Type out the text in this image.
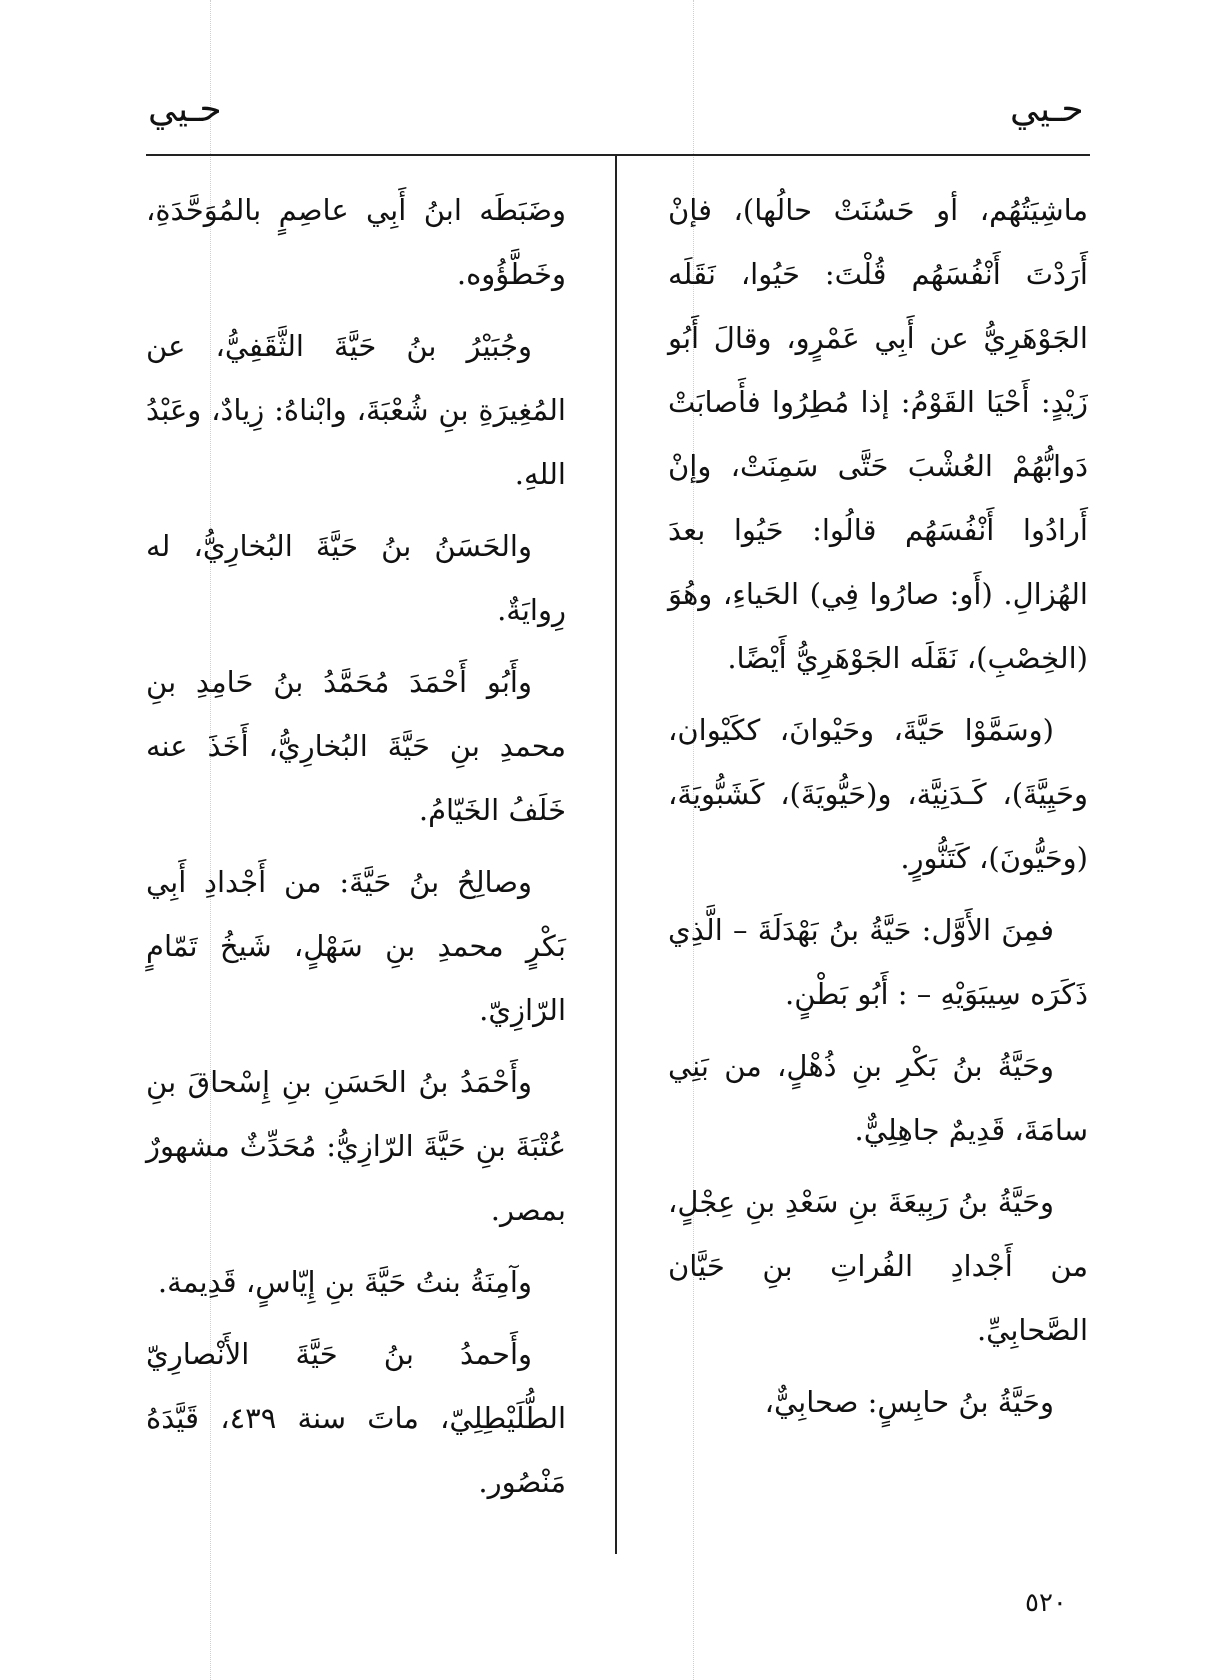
حـيي
حـيي

ماشِيَتُهُم، أو حَسُنَتْ حالُها)، فإنْ أَرَدْتَ أَنْفُسَهُم قُلْتَ: حَيُوا، نَقَلَه الجَوْهَرِيُّ عن أَبِي عَمْرٍو، وقالَ أَبُو زَيْدٍ: أَحْيَا القَوْمُ: إذا مُطِرُوا فأَصابَتْ دَوابُّهُمْ العُشْبَ حَتَّى سَمِنَتْ، وإنْ أَرادُوا أَنْفُسَهُم قالُوا: حَيُوا بعدَ الهُزالِ. (أَو: صارُوا فِي) الحَياءِ، وهُوَ (الخِصْبِ)، نَقَلَه الجَوْهَرِيُّ أَيْضًا.

(وسَمَّوْا حَيَّةَ، وحَيْوانَ، ككَيْوان، وحَيِيَّةَ)، كَـدَنِيَّة، و(حَيُّويَةَ)، كَشَبُّويَةَ، (وحَيُّونَ)، كَتَنُّورٍ.

فمِنَ الأَوَّل: حَيَّةُ بنُ بَهْدَلَةَ – الَّذِي ذَكَرَه سِيبَوَيْهِ – : أَبُو بَطْنٍ.

وحَيَّةُ بنُ بَكْرِ بنِ ذُهْلٍ، من بَنِي سامَةَ، قَدِيمٌ جاهِلِيٌّ.

وحَيَّةُ بنُ رَبِيعَةَ بنِ سَعْدِ بنِ عِجْلٍ، من أَجْدادِ الفُراتِ بنِ حَيَّان الصَّحابِيِّ.

وحَيَّةُ بنُ حابِسٍ: صحابِيٌّ،

وضَبَطَه ابنُ أَبِي عاصِمٍ بالمُوَحَّدَةِ، وخَطَّؤُوه.

وجُبَيْرُ بنُ حَيَّةَ الثَّقَفِيُّ، عن المُغِيرَةِ بنِ شُعْبَةَ، وابْناهُ: زِيادٌ، وعَبْدُ اللهِ.

والحَسَنُ بنُ حَيَّةَ البُخارِيُّ، له رِوايَةٌ.

وأَبُو أَحْمَدَ مُحَمَّدُ بنُ حَامِدِ بنِ محمدِ بنِ حَيَّةَ البُخارِيُّ، أَخَذَ عنه خَلَفُ الخَيّامُ.

وصالِحُ بنُ حَيَّةَ: من أَجْدادِ أَبِي بَكْرٍ محمدِ بنِ سَهْلٍ، شَيخُ تَمّامٍ الرّازِيّ.

وأَحْمَدُ بنُ الحَسَنِ بنِ إِسْحاقَ بنِ عُتْبَةَ بنِ حَيَّةَ الرّازِيُّ: مُحَدِّثٌ مشهورٌ بمصر.

وآمِنَةُ بنتُ حَيَّةَ بنِ إِيّاسٍ، قَدِيمة.

وأَحمدُ بنُ حَيَّةَ الأَنْصارِيّ الطُّلَيْطِلِيّ، ماتَ سنة ٤٣٩، قَيَّدَهُ مَنْصُور.

٥٢٠
